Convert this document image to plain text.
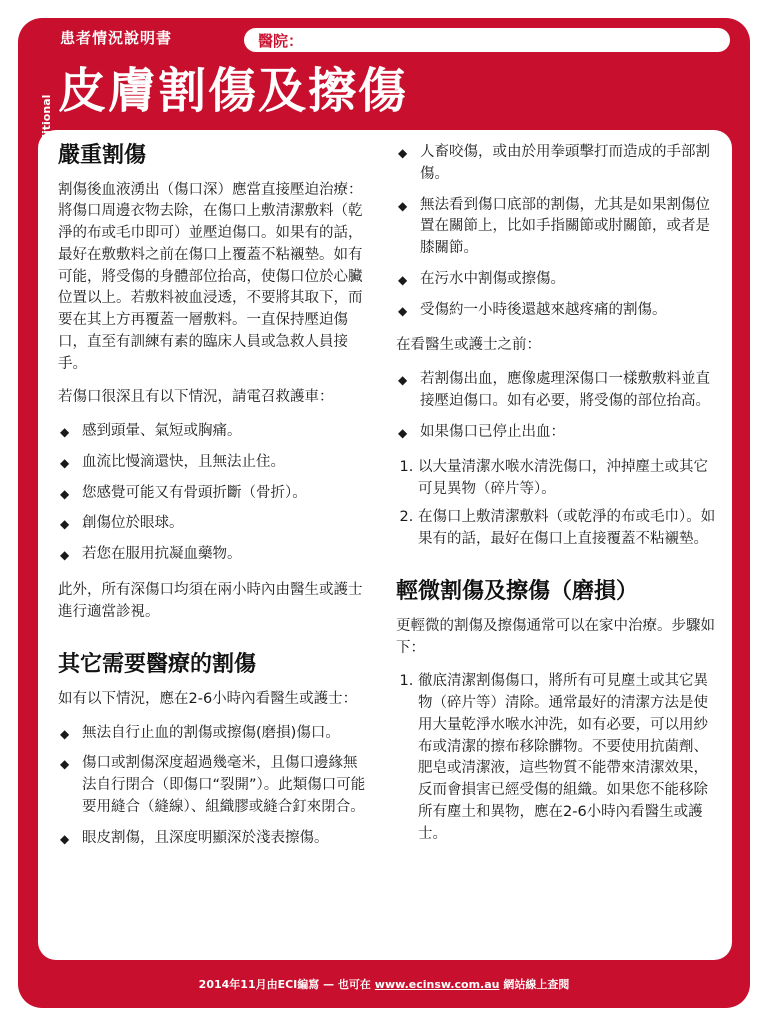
患者情況說明書	醫院：
皮膚割傷及擦傷
嚴重割傷

割傷後血液湧出（傷口深）應當直接壓迫治療：將傷口周邊衣物去除，在傷口上敷清潔敷料（乾淨的布或毛巾即可）並壓迫傷口。如果有的話，最好在敷敷料之前在傷口上覆蓋不粘襯墊。如有可能，將受傷的身體部位抬高，使傷口位於心臟位置以上。若敷料被血浸透，不要將其取下，而要在其上方再覆蓋一層敷料。一直保持壓迫傷口，直至有訓練有素的臨床人員或急救人員接手。

若傷口很深且有以下情況，請電召救護車：

◆ 感到頭暈、氣短或胸痛。
◆ 血流比慢滴還快，且無法止住。
◆ 您感覺可能又有骨頭折斷（骨折）。
◆ 創傷位於眼球。
◆ 若您在服用抗凝血藥物。

此外，所有深傷口均須在兩小時內由醫生或護士進行適當診視。

其它需要醫療的割傷

如有以下情況，應在2-6小時內看醫生或護士：

◆ 無法自行止血的割傷或擦傷(磨損)傷口。
◆ 傷口或割傷深度超過幾毫米，且傷口邊緣無法自行閉合（即傷口“裂開”）。此類傷口可能要用縫合（縫線）、組織膠或縫合釘來閉合。
◆ 眼皮割傷，且深度明顯深於淺表擦傷。
◆ 人畜咬傷，或由於用拳頭擊打而造成的手部割傷。
◆ 無法看到傷口底部的割傷，尤其是如果割傷位置在關節上，比如手指關節或肘關節，或者是膝關節。
◆ 在污水中割傷或擦傷。
◆ 受傷約一小時後還越來越疼痛的割傷。

在看醫生或護士之前：

◆ 若割傷出血，應像處理深傷口一樣敷敷料並直接壓迫傷口。如有必要，將受傷的部位抬高。
◆ 如果傷口已停止出血：
1. 以大量清潔水喉水清洗傷口，沖掉塵土或其它可見異物（碎片等）。
2. 在傷口上敷清潔敷料（或乾淨的布或毛巾）。如果有的話，最好在傷口上直接覆蓋不粘襯墊。
輕微割傷及擦傷（磨損）

更輕微的割傷及擦傷通常可以在家中治療。步驟如下：

1. 徹底清潔割傷傷口，將所有可見塵土或其它異物（碎片等）清除。通常最好的清潔方法是使用大量乾淨水喉水沖洗，如有必要，可以用紗布或清潔的擦布移除髒物。不要使用抗菌劑、肥皂或清潔液，這些物質不能帶來清潔效果，反而會損害已經受傷的組織。如果您不能移除所有塵土和異物，應在2-6小時內看醫生或護士。
2014年11月由ECI編寫 — 也可在 www.ecinsw.com.au 網站線上查閱
